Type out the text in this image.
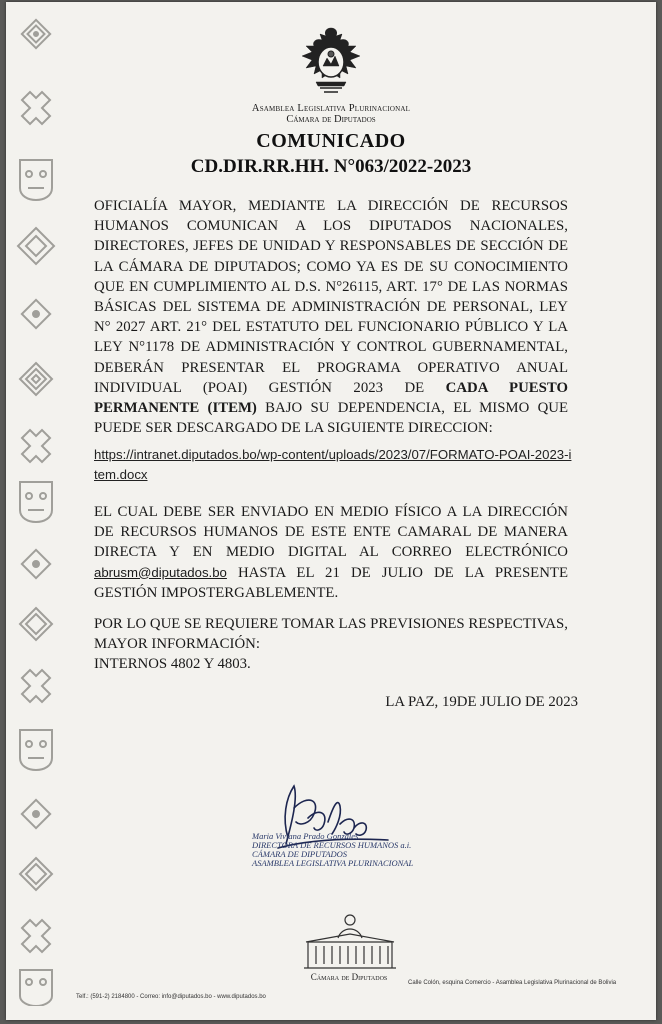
Asamblea Legislativa Plurinacional
Cámara de Diputados
COMUNICADO
CD.DIR.RR.HH. N°063/2022-2023
OFICIALÍA MAYOR, MEDIANTE LA DIRECCIÓN DE RECURSOS HUMANOS COMUNICAN A LOS DIPUTADOS NACIONALES, DIRECTORES, JEFES DE UNIDAD Y RESPONSABLES DE SECCIÓN DE LA CÁMARA DE DIPUTADOS; COMO YA ES DE SU CONOCIMIENTO QUE EN CUMPLIMIENTO AL D.S. N°26115, ART. 17° DE LAS NORMAS BÁSICAS DEL SISTEMA DE ADMINISTRACIÓN DE PERSONAL, LEY N° 2027 ART. 21° DEL ESTATUTO DEL FUNCIONARIO PÚBLICO Y LA LEY N°1178 DE ADMINISTRACIÓN Y CONTROL GUBERNAMENTAL, DEBERÁN PRESENTAR EL PROGRAMA OPERATIVO ANUAL INDIVIDUAL (POAI) GESTIÓN 2023 DE CADA PUESTO PERMANENTE (ITEM) BAJO SU DEPENDENCIA, EL MISMO QUE PUEDE SER DESCARGADO DE LA SIGUIENTE DIRECCION:
https://intranet.diputados.bo/wp-content/uploads/2023/07/FORMATO-POAI-2023-item.docx
EL CUAL DEBE SER ENVIADO EN MEDIO FÍSICO A LA DIRECCIÓN DE RECURSOS HUMANOS DE ESTE ENTE CAMARAL DE MANERA DIRECTA Y EN MEDIO DIGITAL AL CORREO ELECTRÓNICO abrusm@diputados.bo HASTA EL 21 DE JULIO DE LA PRESENTE GESTIÓN IMPOSTERGABLEMENTE.
POR LO QUE SE REQUIERE TOMAR LAS PREVISIONES RESPECTIVAS, MAYOR INFORMACIÓN:
INTERNOS 4802 Y 4803.
LA PAZ, 19DE JULIO DE 2023
Maria Viviana Prado Gonzales
DIRECTORA DE RECURSOS HUMANOS a.i.
CÁMARA DE DIPUTADOS
ASAMBLEA LEGISLATIVA PLURINACIONAL
Cámara de Diputados
Telf.: (591-2) 2184800 - Correo: info@diputados.bo - www.diputados.bo
Calle Colón, esquina Comercio - Asamblea Legislativa Plurinacional de Bolivia
